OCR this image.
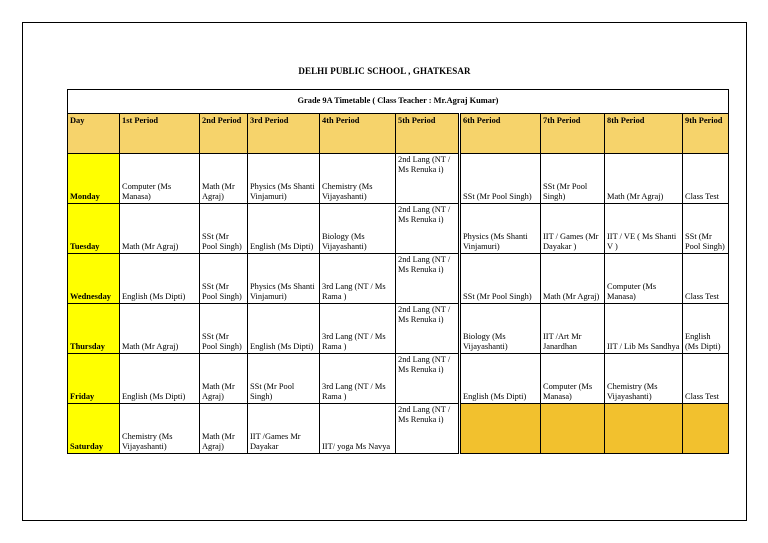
DELHI PUBLIC SCHOOL , GHATKESAR
Grade 9A Timetable ( Class Teacher : Mr.Agraj Kumar)									
Day	1st Period	2nd Period	3rd Period	4th Period	5th Period	6th Period	7th Period	8th Period	9th Period
Monday	Computer (Ms Manasa)	Math (Mr Agraj)	Physics (Ms Shanti Vinjamuri)	Chemistry (Ms Vijayashanti)	2nd Lang (NT / Ms Renuka i)	SSt (Mr Pool Singh)	SSt (Mr Pool Singh)	Math (Mr Agraj)	Class Test
Tuesday	Math (Mr Agraj)	SSt (Mr Pool Singh)	English (Ms Dipti)	Biology (Ms Vijayashanti)	2nd Lang (NT / Ms Renuka i)	Physics (Ms Shanti Vinjamuri)	IIT / Games (Mr Dayakar )	IIT / VE ( Ms Shanti V )	SSt (Mr Pool Singh)
Wednesday	English (Ms Dipti)	SSt (Mr Pool Singh)	Physics (Ms Shanti Vinjamuri)	3rd Lang (NT / Ms Rama )	2nd Lang (NT / Ms Renuka i)	SSt (Mr Pool Singh)	Math (Mr Agraj)	Computer (Ms Manasa)	Class Test
Thursday	Math (Mr Agraj)	SSt (Mr Pool Singh)	English (Ms Dipti)	3rd Lang (NT / Ms Rama )	2nd Lang (NT / Ms Renuka i)	Biology (Ms Vijayashanti)	IIT /Art Mr Janardhan	IIT / Lib Ms Sandhya	English (Ms Dipti)
Friday	English (Ms Dipti)	Math (Mr Agraj)	SSt (Mr Pool Singh)	3rd Lang (NT / Ms Rama )	2nd Lang (NT / Ms Renuka i)	English (Ms Dipti)	Computer (Ms Manasa)	Chemistry (Ms Vijayashanti)	Class Test
Saturday	Chemistry (Ms Vijayashanti)	Math (Mr Agraj)	IIT /Games Mr Dayakar	IIT/ yoga Ms Navya	2nd Lang (NT / Ms Renuka i)				
